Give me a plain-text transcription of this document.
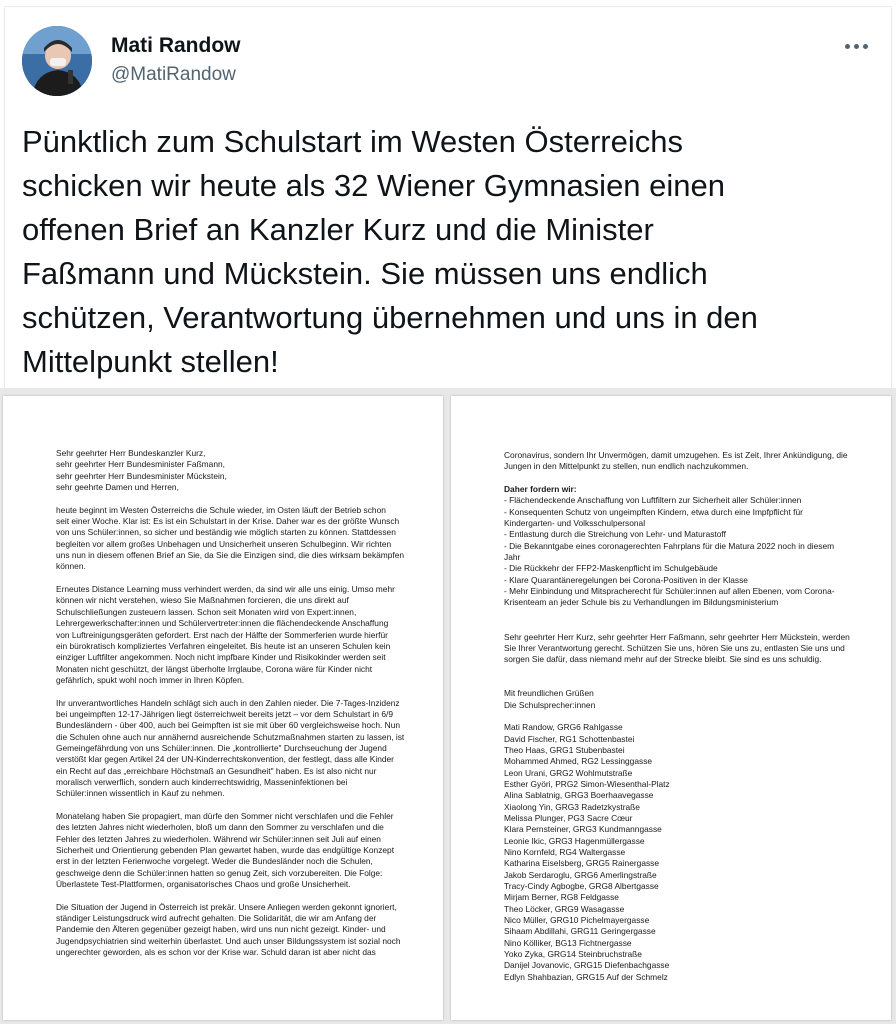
Mati Randow
@MatiRandow
Pünktlich zum Schulstart im Westen Österreichs
schicken wir heute als 32 Wiener Gymnasien einen
offenen Brief an Kanzler Kurz und die Minister
Faßmann und Mückstein. Sie müssen uns endlich
schützen, Verantwortung übernehmen und uns in den
Mittelpunkt stellen!

Sehr geehrter Herr Bundeskanzler Kurz,

sehr geehrter Herr Bundesminister Faßmann,

sehr geehrter Herr Bundesminister Mückstein,

sehr geehrte Damen und Herren,

heute beginnt im Westen Österreichs die Schule wieder, im Osten läuft der Betrieb schon

seit einer Woche. Klar ist: Es ist ein Schulstart in der Krise. Daher war es der größte Wunsch

von uns Schüler:innen, so sicher und beständig wie möglich starten zu können. Stattdessen

begleiten vor allem großes Unbehagen und Unsicherheit unseren Schulbeginn. Wir richten

uns nun in diesem offenen Brief an Sie, da Sie die Einzigen sind, die dies wirksam bekämpfen

können.

Erneutes Distance Learning muss verhindert werden, da sind wir alle uns einig. Umso mehr

können wir nicht verstehen, wieso Sie Maßnahmen forcieren, die uns direkt auf

Schulschließungen zusteuern lassen. Schon seit Monaten wird von Expert:innen,

Lehrergewerkschafter:innen und Schülervertreter:innen die flächendeckende Anschaffung

von Luftreinigungsgeräten gefordert. Erst nach der Hälfte der Sommerferien wurde hierfür

ein bürokratisch kompliziertes Verfahren eingeleitet. Bis heute ist an unseren Schulen kein

einziger Luftfilter angekommen. Noch nicht impfbare Kinder und Risikokinder werden seit

Monaten nicht geschützt, der längst überholte Irrglaube, Corona wäre für Kinder nicht

gefährlich, spukt wohl noch immer in Ihren Köpfen.

Ihr unverantwortliches Handeln schlägt sich auch in den Zahlen nieder. Die 7-Tages-Inzidenz

bei ungeimpften 12-17-Jährigen liegt österreichweit bereits jetzt – vor dem Schulstart in 6/9

Bundesländern - über 400, auch bei Geimpften ist sie mit über 60 vergleichsweise hoch. Nun

die Schulen ohne auch nur annähernd ausreichende Schutzmaßnahmen starten zu lassen, ist

Gemeingefährdung von uns Schüler:innen. Die „kontrollierte" Durchseuchung der Jugend

verstößt klar gegen Artikel 24 der UN-Kinderrechtskonvention, der festlegt, dass alle Kinder

ein Recht auf das „erreichbare Höchstmaß an Gesundheit" haben. Es ist also nicht nur

moralisch verwerflich, sondern auch kinderrechtswidrig, Masseninfektionen bei

Schüler:innen wissentlich in Kauf zu nehmen.

Monatelang haben Sie propagiert, man dürfe den Sommer nicht verschlafen und die Fehler

des letzten Jahres nicht wiederholen, bloß um dann den Sommer zu verschlafen und die

Fehler des letzten Jahres zu wiederholen. Während wir Schüler:innen seit Juli auf einen

Sicherheit und Orientierung gebenden Plan gewartet haben, wurde das endgültige Konzept

erst in der letzten Ferienwoche vorgelegt. Weder die Bundesländer noch die Schulen,

geschweige denn die Schüler:innen hatten so genug Zeit, sich vorzubereiten. Die Folge:

Überlastete Test-Plattformen, organisatorisches Chaos und große Unsicherheit.

Die Situation der Jugend in Österreich ist prekär. Unsere Anliegen werden gekonnt ignoriert,

ständiger Leistungsdruck wird aufrecht gehalten. Die Solidarität, die wir am Anfang der

Pandemie den Älteren gegenüber gezeigt haben, wird uns nun nicht gezeigt. Kinder- und

Jugendpsychiatrien sind weiterhin überlastet. Und auch unser Bildungssystem ist sozial noch

ungerechter geworden, als es schon vor der Krise war. Schuld daran ist aber nicht das

Coronavirus, sondern Ihr Unvermögen, damit umzugehen. Es ist Zeit, Ihrer Ankündigung, die

Jungen in den Mittelpunkt zu stellen, nun endlich nachzukommen.

Daher fordern wir:

- Flächendeckende Anschaffung von Luftfiltern zur Sicherheit aller Schüler:innen

- Konsequenten Schutz von ungeimpften Kindern, etwa durch eine Impfpflicht für

Kindergarten- und Volksschulpersonal

- Entlastung durch die Streichung von Lehr- und Maturastoff

- Die Bekanntgabe eines coronagerechten Fahrplans für die Matura 2022 noch in diesem

Jahr

- Die Rückkehr der FFP2-Maskenpflicht im Schulgebäude

- Klare Quarantäneregelungen bei Corona-Positiven in der Klasse

- Mehr Einbindung und Mitspracherecht für Schüler:innen auf allen Ebenen, vom Corona-

Krisenteam an jeder Schule bis zu Verhandlungen im Bildungsministerium

Sehr geehrter Herr Kurz, sehr geehrter Herr Faßmann, sehr geehrter Herr Mückstein, werden

Sie Ihrer Verantwortung gerecht. Schützen Sie uns, hören Sie uns zu, entlasten Sie uns und

sorgen Sie dafür, dass niemand mehr auf der Strecke bleibt. Sie sind es uns schuldig.

Mit freundlichen Grüßen

Die Schulsprecher:innen

Mati Randow, GRG6 Rahlgasse

David Fischer, RG1 Schottenbastei

Theo Haas, GRG1 Stubenbastei

Mohammed Ahmed, RG2 Lessinggasse

Leon Urani, GRG2 Wohlmutstraße

Esther Györi, PRG2 Simon-Wiesenthal-Platz

Alina Sablatnig, GRG3 Boerhaavegasse

Xiaolong Yin, GRG3 Radetzkystraße

Melissa Plunger, PG3 Sacre Cœur

Klara Pernsteiner, GRG3 Kundmanngasse

Leonie Ikic, GRG3 Hagenmüllergasse

Nino Kornfeld, RG4 Waltergasse

Katharina Eiselsberg, GRG5 Rainergasse

Jakob Serdaroglu, GRG6 Amerlingstraße

Tracy-Cindy Agbogbe, GRG8 Albertgasse

Mirjam Berner, RG8 Feldgasse

Theo Löcker, GRG9 Wasagasse

Nico Müller, GRG10 Pichelmayergasse

Sihaam Abdillahi, GRG11 Geringergasse

Nino Kölliker, BG13 Fichtnergasse

Yoko Zyka, GRG14 Steinbruchstraße

Danijel Jovanovic, GRG15 Diefenbachgasse

Edlyn Shahbazian, GRG15 Auf der Schmelz
